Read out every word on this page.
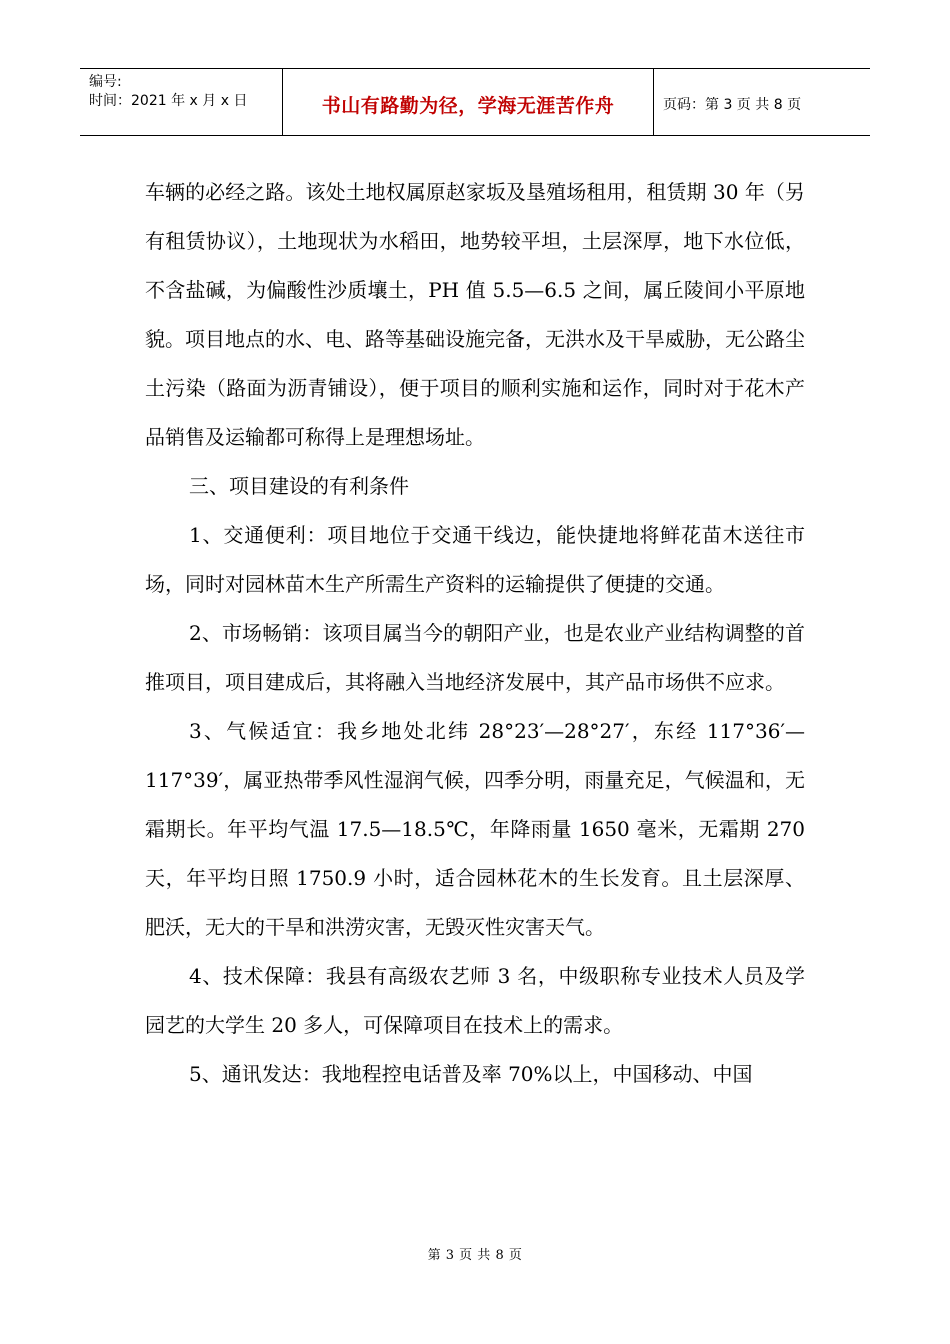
编号:
时间：2021 年 x 月 x 日	书山有路勤为径，学海无涯苦作舟	页码：第 3 页 共 8 页

车辆的必经之路。该处土地权属原赵家坂及垦殖场租用，租赁期 30 年（另有租赁协议），土地现状为水稻田，地势较平坦，土层深厚，地下水位低，不含盐碱，为偏酸性沙质壤土，PH 值 5.5—6.5 之间，属丘陵间小平原地貌。项目地点的水、电、路等基础设施完备，无洪水及干旱威胁，无公路尘土污染（路面为沥青铺设），便于项目的顺利实施和运作，同时对于花木产品销售及运输都可称得上是理想场址。

三、项目建设的有利条件

1、交通便利：项目地位于交通干线边，能快捷地将鲜花苗木送往市场，同时对园林苗木生产所需生产资料的运输提供了便捷的交通。

2、市场畅销：该项目属当今的朝阳产业，也是农业产业结构调整的首推项目，项目建成后，其将融入当地经济发展中，其产品市场供不应求。

3、气候适宜：我乡地处北纬 28°23′—28°27′，东经 117°36′—117°39′，属亚热带季风性湿润气候，四季分明，雨量充足，气候温和，无霜期长。年平均气温 17.5—18.5℃，年降雨量 1650 毫米，无霜期 270 天，年平均日照 1750.9 小时，适合园林花木的生长发育。且土层深厚、肥沃，无大的干旱和洪涝灾害，无毁灭性灾害天气。

4、技术保障：我县有高级农艺师 3 名，中级职称专业技术人员及学园艺的大学生 20 多人，可保障项目在技术上的需求。

5、通讯发达：我地程控电话普及率 70%以上，中国移动、中国

第 3 页 共 8 页
